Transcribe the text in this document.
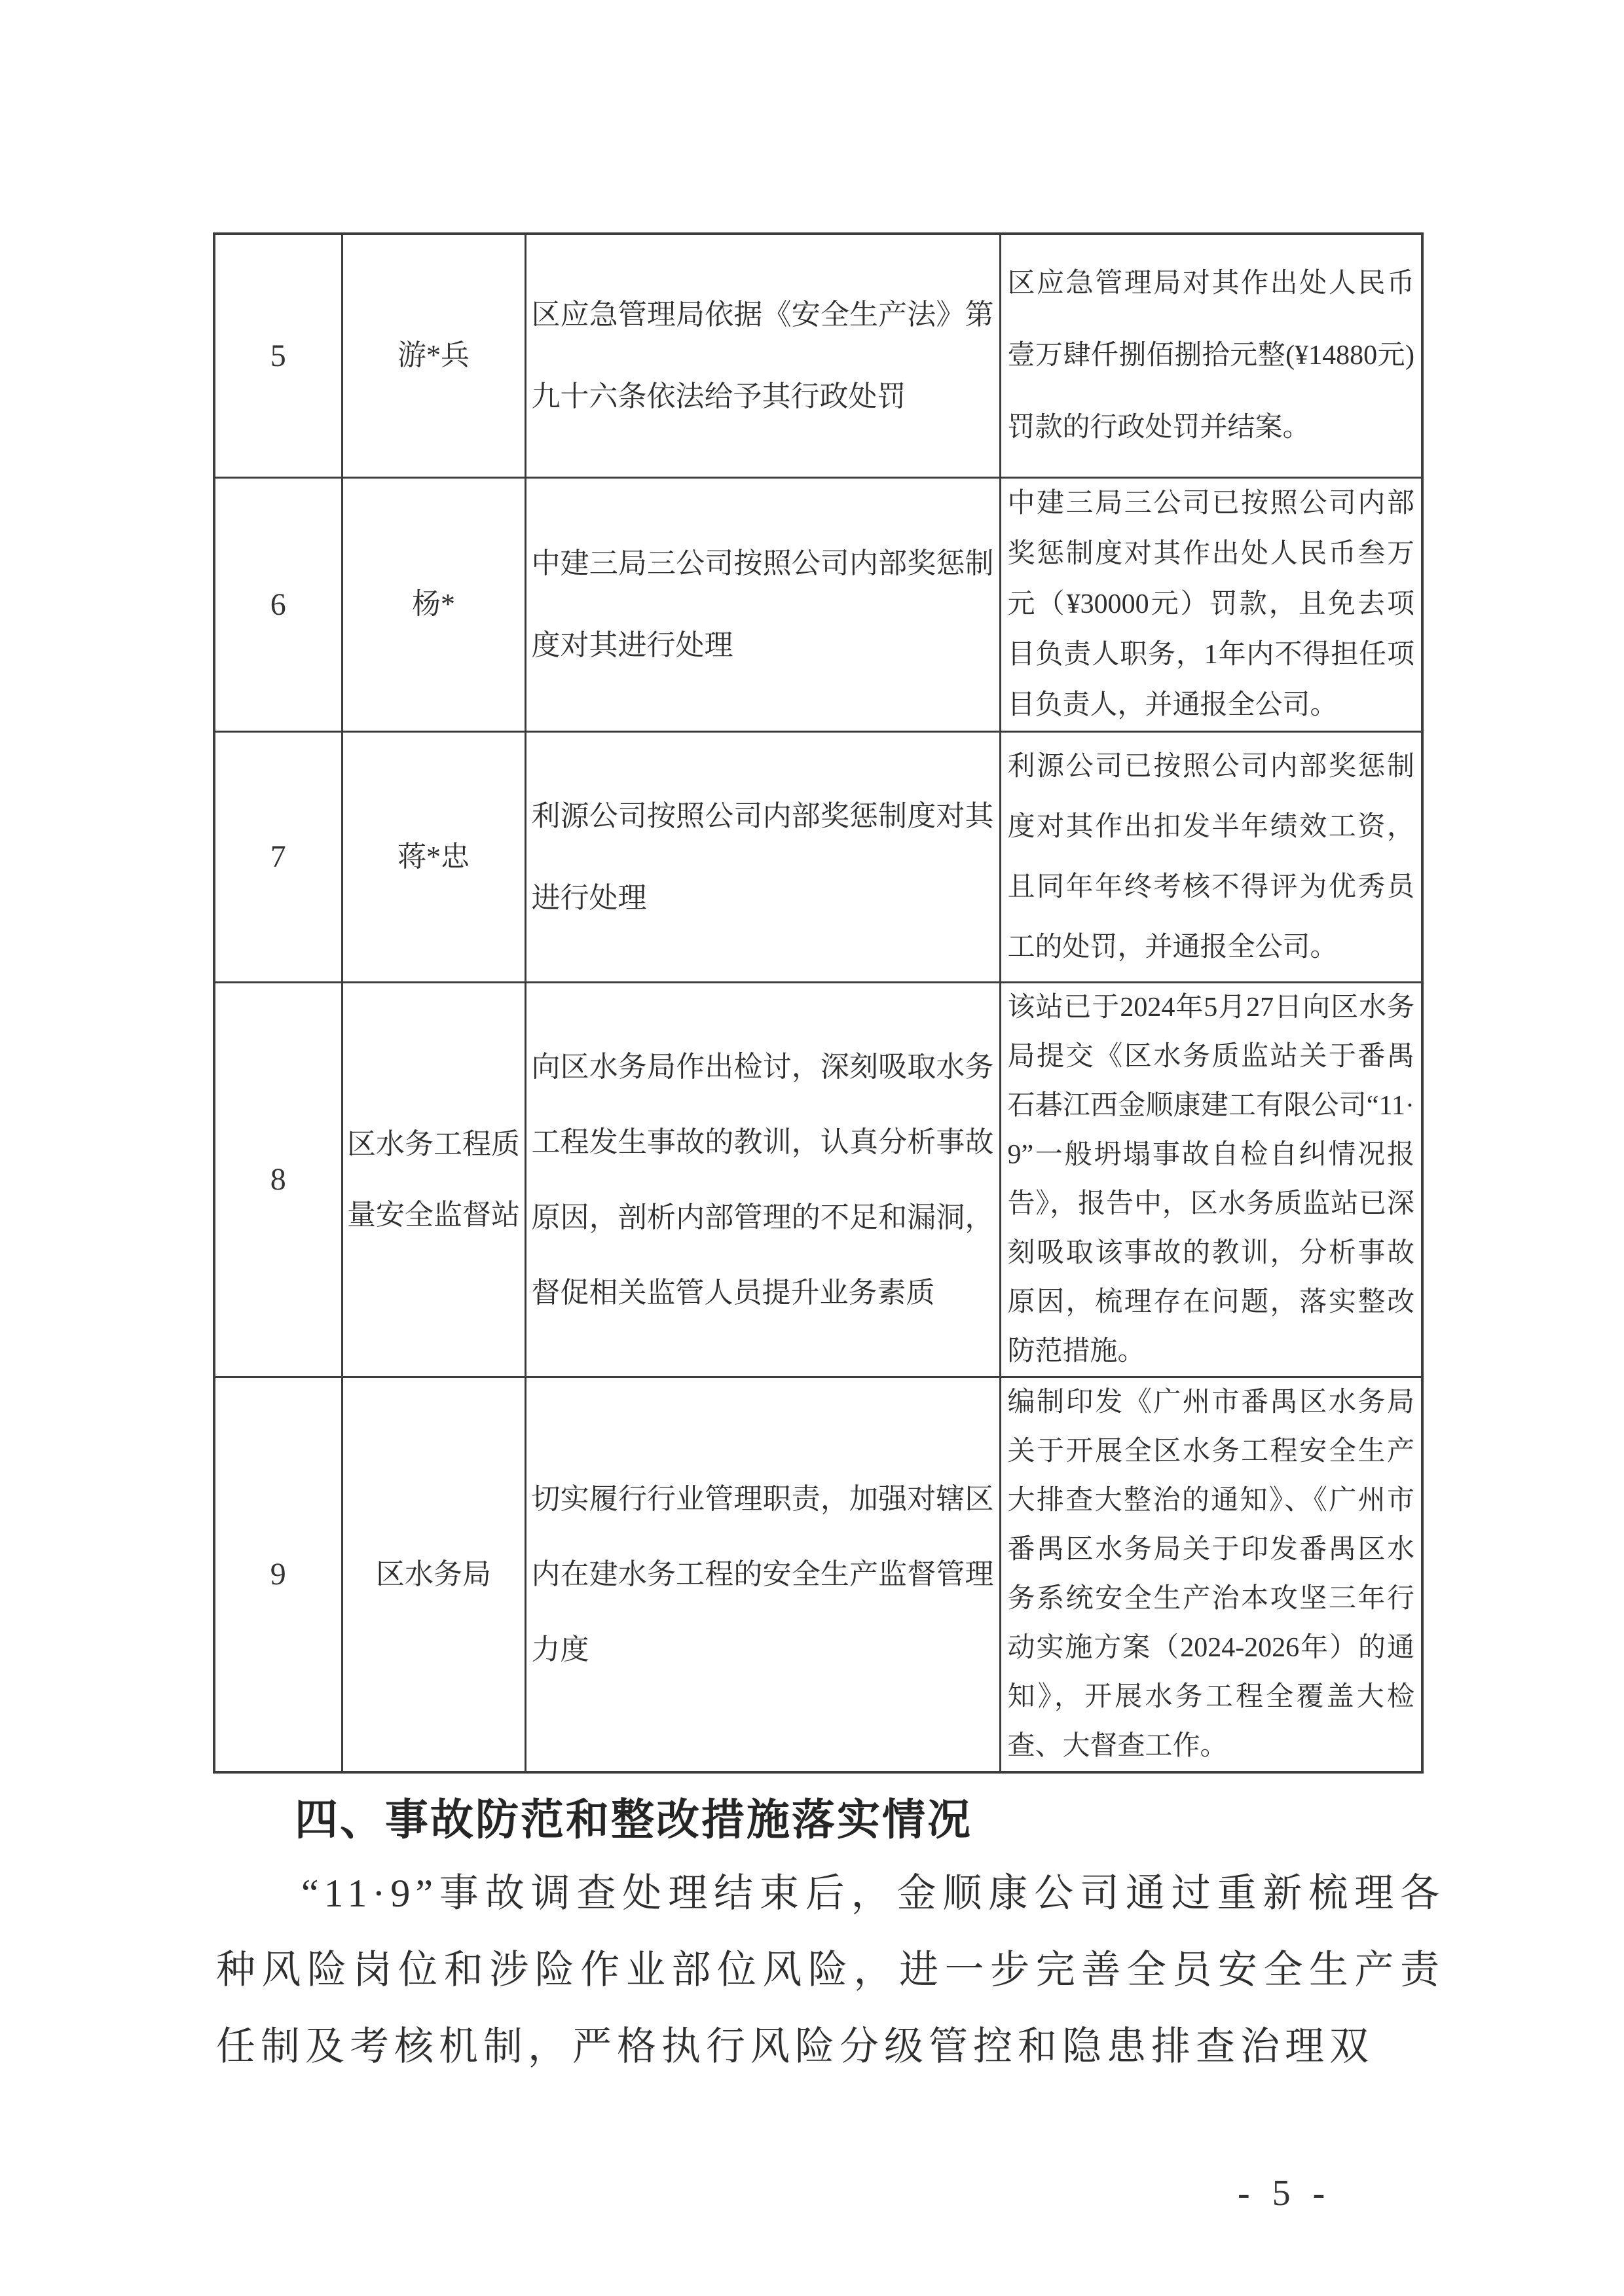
5	游*兵	区应急管理局依据《安全生产法》第九十六条依法给予其行政处罚	区应急管理局对其作出处人民币壹万肆仟捌佰捌拾元整(¥14880元)罚款的行政处罚并结案。
6	杨*	中建三局三公司按照公司内部奖惩制度对其进行处理	中建三局三公司已按照公司内部奖惩制度对其作出处人民币叁万元（¥30000元）罚款，且免去项目负责人职务，1年内不得担任项目负责人，并通报全公司。
7	蒋*忠	利源公司按照公司内部奖惩制度对其进行处理	利源公司已按照公司内部奖惩制度对其作出扣发半年绩效工资，且同年年终考核不得评为优秀员工的处罚，并通报全公司。
8	区水务工程质量安全监督站	向区水务局作出检讨，深刻吸取水务工程发生事故的教训，认真分析事故原因，剖析内部管理的不足和漏洞，督促相关监管人员提升业务素质	该站已于2024年5月27日向区水务局提交《区水务质监站关于番禺石碁江西金顺康建工有限公司“11·9”一般坍塌事故自检自纠情况报告》，报告中，区水务质监站已深刻吸取该事故的教训，分析事故原因，梳理存在问题，落实整改防范措施。
9	区水务局	切实履行行业管理职责，加强对辖区内在建水务工程的安全生产监督管理力度	编制印发《广州市番禺区水务局关于开展全区水务工程安全生产大排查大整治的通知》、《广州市番禺区水务局关于印发番禺区水务系统安全生产治本攻坚三年行动实施方案（2024-2026年）的通知》，开展水务工程全覆盖大检查、大督查工作。
四、事故防范和整改措施落实情况
“11·9”事故调查处理结束后，金顺康公司通过重新梳理各种风险岗位和涉险作业部位风险，进一步完善全员安全生产责任制及考核机制，严格执行风险分级管控和隐患排查治理双
- 5 -
